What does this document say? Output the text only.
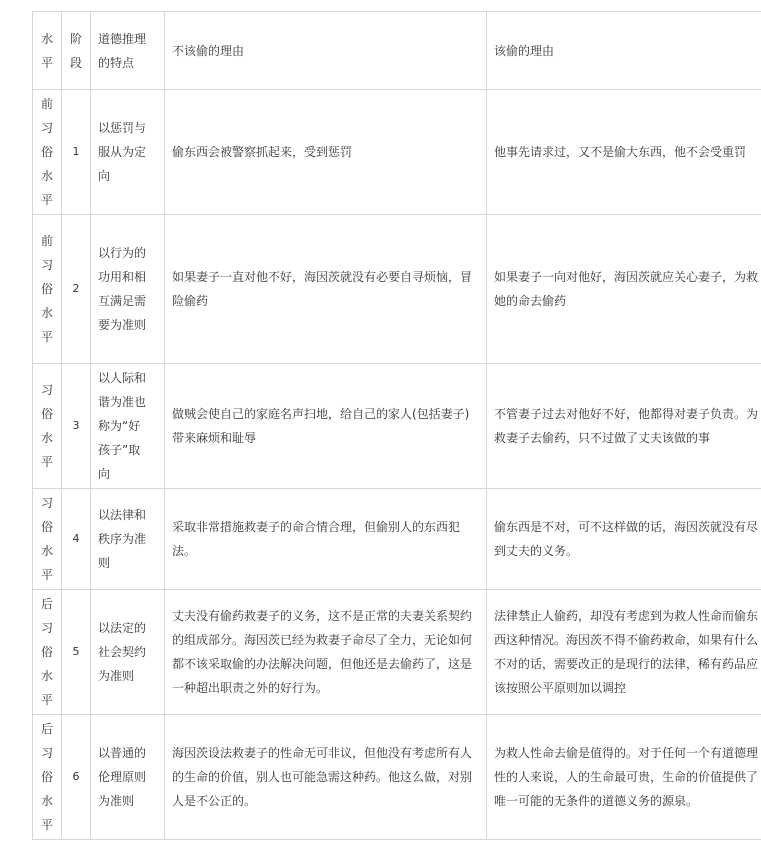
水平	阶段	道德推理的特点	不该偷的理由	该偷的理由

前习俗水平	1	以惩罚与服从为定向	偷东西会被警察抓起来，受到惩罚	他事先请求过，又不是偷大东西，他不会受重罚

前习俗水平	2	以行为的功用和相互满足需要为准则	如果妻子一直对他不好，海因茨就没有必要自寻烦恼，冒险偷药	如果妻子一向对他好，海因茨就应关心妻子，为救她的命去偷药

习俗水平	3	以人际和谐为准也称为“好孩子”取向	做贼会使自己的家庭名声扫地，给自己的家人(包括妻子)带来麻烦和耻辱	不管妻子过去对他好不好，他都得对妻子负责。为救妻子去偷药，只不过做了丈夫该做的事

习俗水平	4	以法律和秩序为准则	采取非常措施救妻子的命合情合理，但偷别人的东西犯法。	偷东西是不对，可不这样做的话，海因茨就没有尽到丈夫的义务。

后习俗水平	5	以法定的社会契约为准则	丈夫没有偷药救妻子的义务，这不是正常的夫妻关系契约的组成部分。海因茨已经为救妻子命尽了全力，无论如何都不该采取偷的办法解决问题，但他还是去偷药了，这是一种超出职责之外的好行为。	法律禁止人偷药，却没有考虑到为救人性命而偷东西这种情况。海因茨不得不偷药救命，如果有什么不对的话，需要改正的是现行的法律，稀有药品应该按照公平原则加以调控

后习俗水平	6	以普通的伦理原则为准则	海因茨设法救妻子的性命无可非议，但他没有考虑所有人的生命的价值，别人也可能急需这种药。他这么做，对别人是不公正的。	为救人性命去偷是值得的。对于任何一个有道德理性的人来说，人的生命最可贵，生命的价值提供了唯一可能的无条件的道德义务的源泉。
